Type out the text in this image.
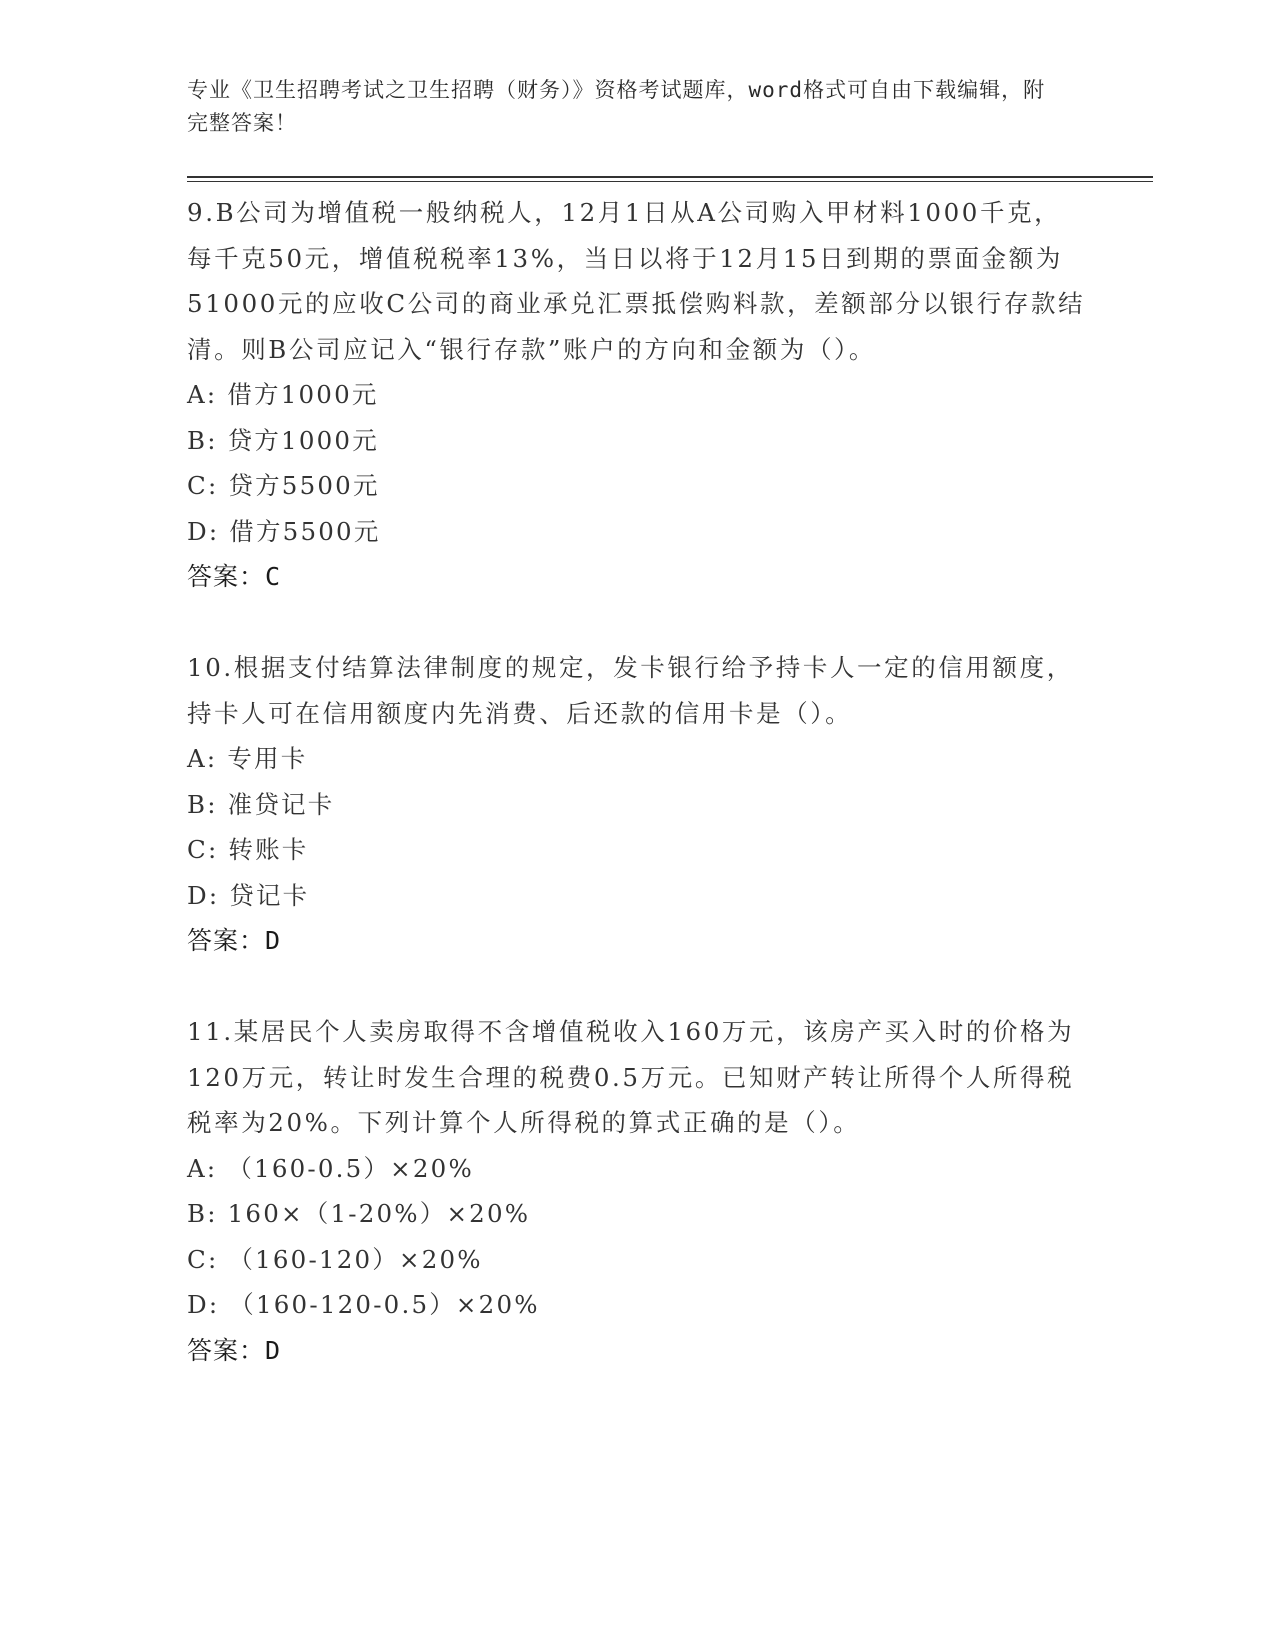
专业《卫生招聘考试之卫生招聘（财务）》资格考试题库，word格式可自由下载编辑，附完整答案！
9.B公司为增值税一般纳税人，12月1日从A公司购入甲材料1000千克，每千克50元，增值税税率13%，当日以将于12月15日到期的票面金额为51000元的应收C公司的商业承兑汇票抵偿购料款，差额部分以银行存款结清。则B公司应记入“银行存款”账户的方向和金额为（）。
A: 借方1000元
B: 贷方1000元
C: 贷方5500元
D: 借方5500元
答案：C
10.根据支付结算法律制度的规定，发卡银行给予持卡人一定的信用额度，持卡人可在信用额度内先消费、后还款的信用卡是（）。
A: 专用卡
B: 准贷记卡
C: 转账卡
D: 贷记卡
答案：D
11.某居民个人卖房取得不含增值税收入160万元，该房产买入时的价格为120万元，转让时发生合理的税费0.5万元。已知财产转让所得个人所得税税率为20%。下列计算个人所得税的算式正确的是（）。
A: （160-0.5）×20%
B: 160×（1-20%）×20%
C: （160-120）×20%
D: （160-120-0.5）×20%
答案：D
